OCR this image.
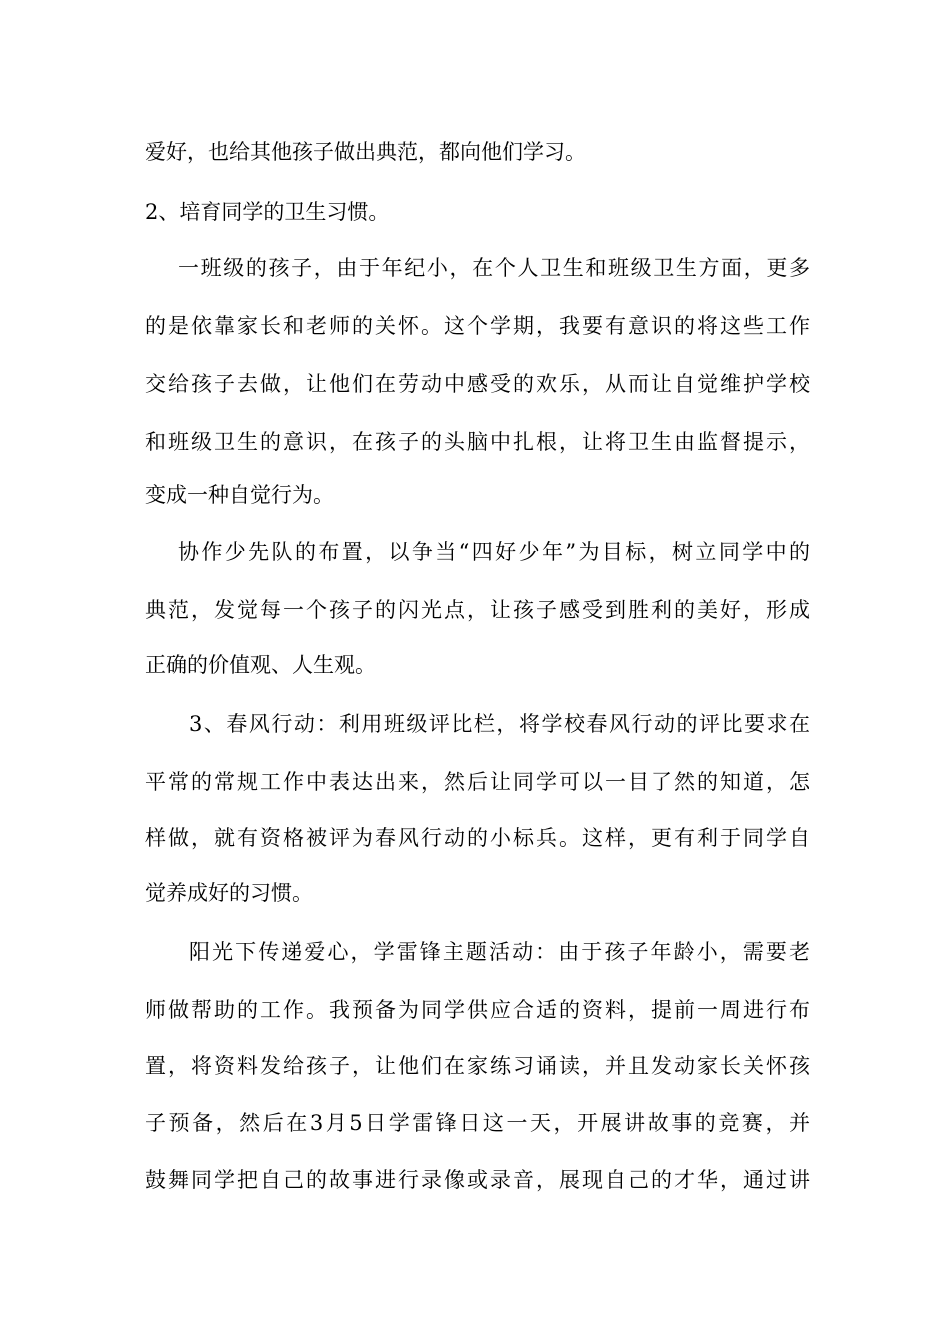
爱好，也给其他孩子做出典范，都向他们学习。

2、培育同学的卫生习惯。

一班级的孩子，由于年纪小，在个人卫生和班级卫生方面，更多

的是依靠家长和老师的关怀。这个学期，我要有意识的将这些工作

交给孩子去做，让他们在劳动中感受的欢乐，从而让自觉维护学校

和班级卫生的意识，在孩子的头脑中扎根，让将卫生由监督提示，

变成一种自觉行为。

协作少先队的布置，以争当“四好少年”为目标，树立同学中的

典范，发觉每一个孩子的闪光点，让孩子感受到胜利的美好，形成

正确的价值观、人生观。

3、春风行动：利用班级评比栏，将学校春风行动的评比要求在

平常的常规工作中表达出来，然后让同学可以一目了然的知道，怎

样做，就有资格被评为春风行动的小标兵。这样，更有利于同学自

觉养成好的习惯。

阳光下传递爱心，学雷锋主题活动：由于孩子年龄小，需要老

师做帮助的工作。我预备为同学供应合适的资料，提前一周进行布

置，将资料发给孩子，让他们在家练习诵读，并且发动家长关怀孩

子预备，然后在3月5日学雷锋日这一天，开展讲故事的竞赛，并

鼓舞同学把自己的故事进行录像或录音，展现自己的才华，通过讲
